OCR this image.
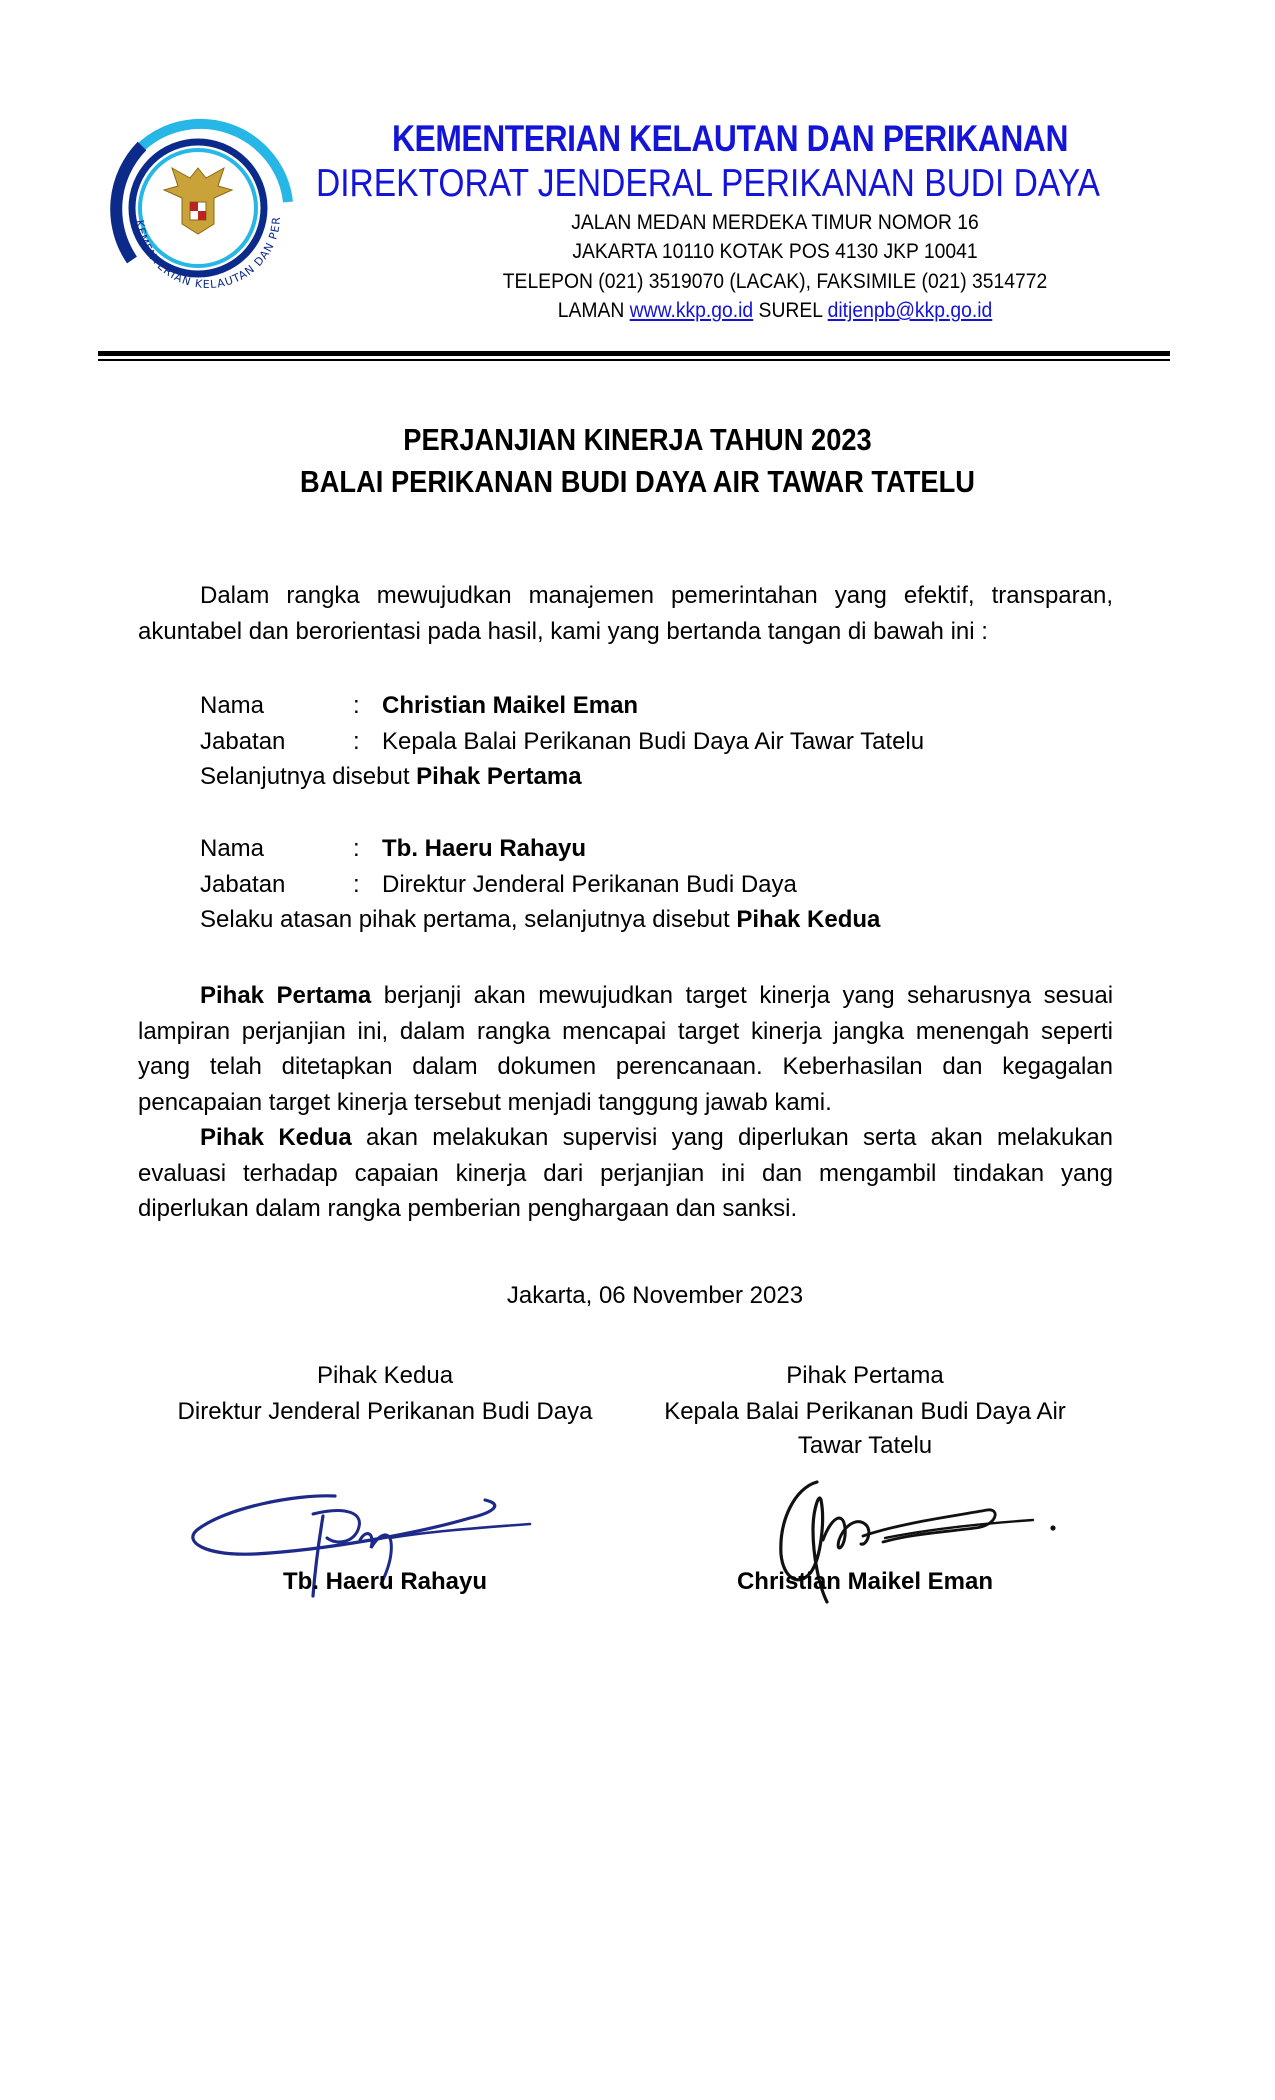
KEMENTERIAN KELAUTAN DAN PER
KEMENTERIAN KELAUTAN DAN PERIKANAN
DIREKTORAT JENDERAL PERIKANAN BUDI DAYA
JALAN MEDAN MERDEKA TIMUR NOMOR 16
JAKARTA 10110 KOTAK POS 4130 JKP 10041
TELEPON (021) 3519070 (LACAK), FAKSIMILE (021) 3514772
LAMAN www.kkp.go.id SUREL ditjenpb@kkp.go.id
PERJANJIAN KINERJA TAHUN 2023
BALAI PERIKANAN BUDI DAYA AIR TAWAR TATELU
Dalam rangka mewujudkan manajemen pemerintahan yang efektif, transparan, akuntabel dan berorientasi pada hasil, kami yang bertanda tangan di bawah ini :
Nama	: Christian Maikel Eman
Jabatan	: Kepala Balai Perikanan Budi Daya Air Tawar Tatelu
Selanjutnya disebut Pihak Pertama
Nama	: Tb. Haeru Rahayu
Jabatan	: Direktur Jenderal Perikanan Budi Daya
Selaku atasan pihak pertama, selanjutnya disebut Pihak Kedua
Pihak Pertama berjanji akan mewujudkan target kinerja yang seharusnya sesuai lampiran perjanjian ini, dalam rangka mencapai target kinerja jangka menengah seperti yang telah ditetapkan dalam dokumen perencanaan. Keberhasilan dan kegagalan pencapaian target kinerja tersebut menjadi tanggung jawab kami.
Pihak Kedua akan melakukan supervisi yang diperlukan serta akan melakukan evaluasi terhadap capaian kinerja dari perjanjian ini dan mengambil tindakan yang diperlukan dalam rangka pemberian penghargaan dan sanksi.
Jakarta, 06 November 2023
Pihak Kedua
Direktur Jenderal Perikanan Budi Daya
Tb. Haeru Rahayu
Pihak Pertama
Kepala Balai Perikanan Budi Daya Air
Tawar Tatelu
Christian Maikel Eman
